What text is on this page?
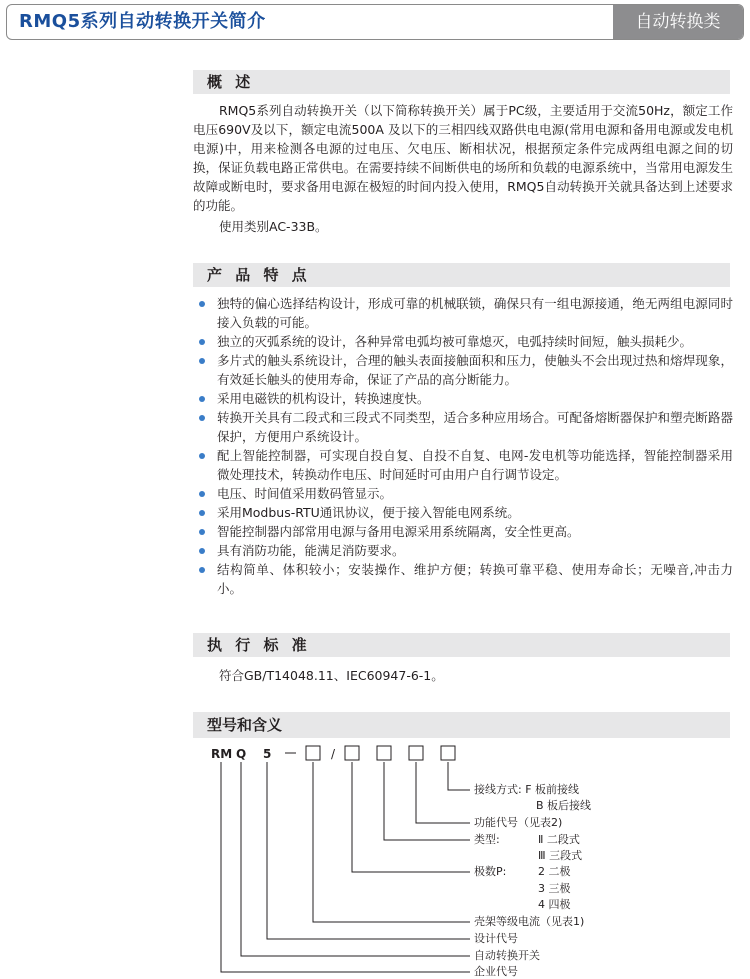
RMQ5系列自动转换开关简介	自动转换类
概 述

RMQ5系列自动转换开关（以下简称转换开关）属于PC级，主要适用于交流50Hz，额定工作电压690V及以下，额定电流500A 及以下的三相四线双路供电电源(常用电源和备用电源或发电机电源)中，用来检测各电源的过电压、欠电压、断相状况，根据预定条件完成两组电源之间的切换，保证负载电路正常供电。在需要持续不间断供电的场所和负载的电源系统中，当常用电源发生故障或断电时，要求备用电源在极短的时间内投入使用，RMQ5自动转换开关就具备达到上述要求的功能。

使用类别AC-33B。

产 品 特 点
独特的偏心选择结构设计，形成可靠的机械联锁，确保只有一组电源接通，绝无两组电源同时接入负载的可能。
独立的灭弧系统的设计，各种异常电弧均被可靠熄灭，电弧持续时间短，触头损耗少。
多片式的触头系统设计，合理的触头表面接触面积和压力，使触头不会出现过热和熔焊现象，有效延长触头的使用寿命，保证了产品的高分断能力。
采用电磁铁的机构设计，转换速度快。
转换开关具有二段式和三段式不同类型，适合多种应用场合。可配备熔断器保护和塑壳断路器保护，方便用户系统设计。
配上智能控制器，可实现自投自复、自投不自复、电网-发电机等功能选择，智能控制器采用微处理技术，转换动作电压、时间延时可由用户自行调节设定。
电压、时间值采用数码管显示。
采用Modbus-RTU通讯协议，便于接入智能电网系统。
智能控制器内部常用电源与备用电源采用系统隔离，安全性更高。
具有消防功能，能满足消防要求。
结构简单、体积较小；安装操作、维护方便；转换可靠平稳、使用寿命长；无噪音,冲击力小。
执 行 标 准
符合GB/T14048.11、IEC60947-6-1。
型号和含义
RM Q 5	/
接线方式: F 板前接线
B 板后接线
功能代号（见表2)
类型:	Ⅱ 二段式
Ⅲ 三段式
极数P:	2 二极
3 三极
4 四极
壳架等级电流（见表1)
设计代号
自动转换开关
企业代号
